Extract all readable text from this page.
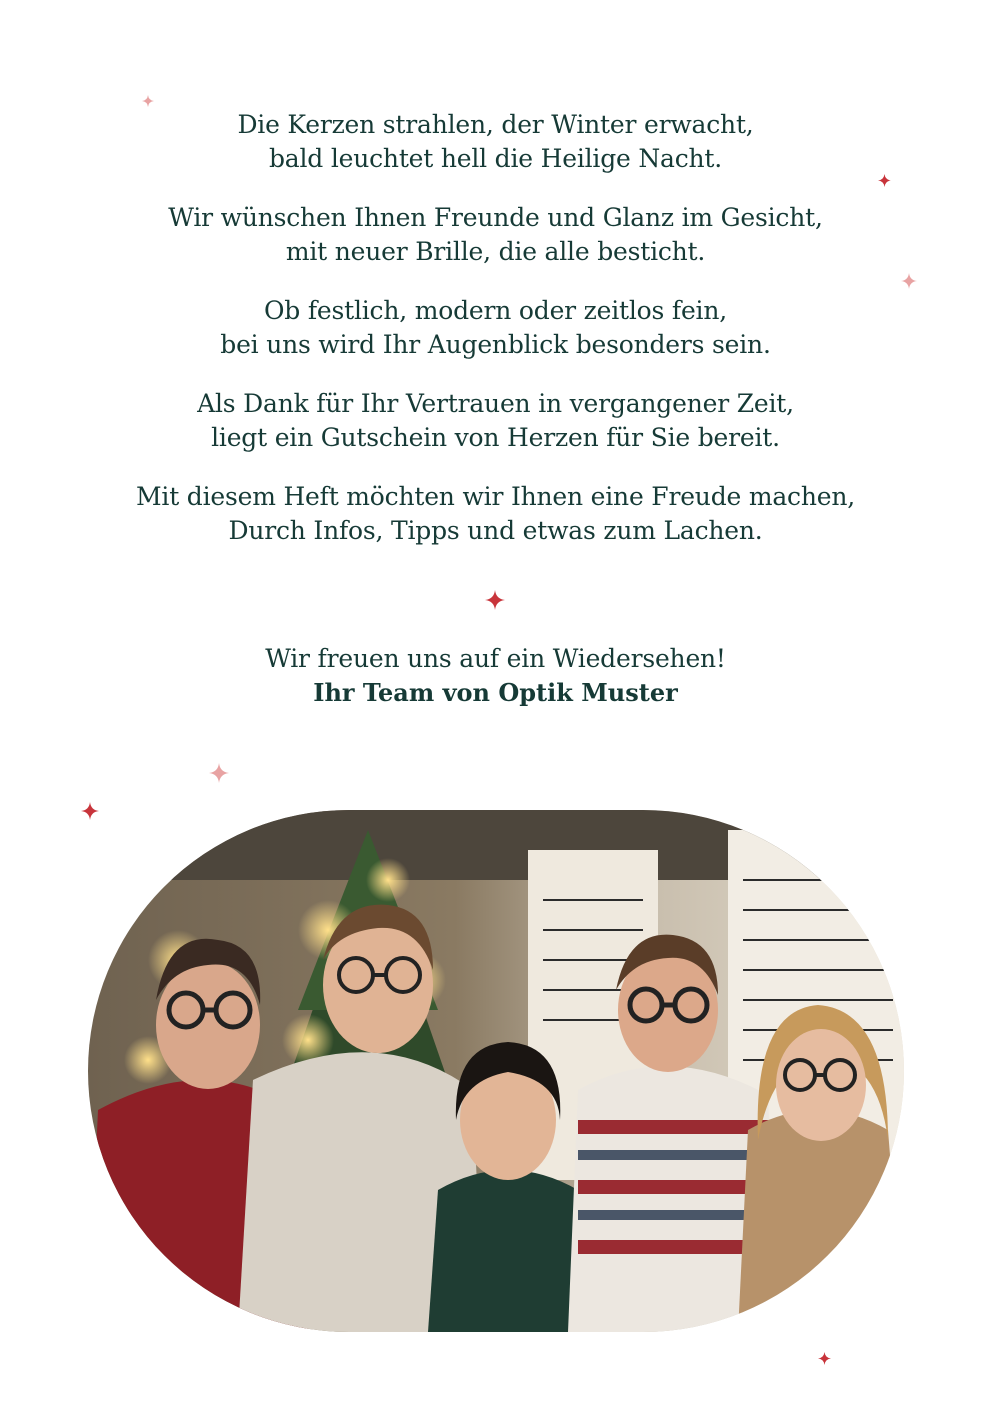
Die Kerzen strahlen, der Winter erwacht,
bald leuchtet hell die Heilige Nacht.
Wir wünschen Ihnen Freunde und Glanz im Gesicht,
mit neuer Brille, die alle besticht.
Ob festlich, modern oder zeitlos fein,
bei uns wird Ihr Augenblick besonders sein.
Als Dank für Ihr Vertrauen in vergangener Zeit,
liegt ein Gutschein von Herzen für Sie bereit.
Mit diesem Heft möchten wir Ihnen eine Freude machen,
Durch Infos, Tipps und etwas zum Lachen.
Wir freuen uns auf ein Wiedersehen!
Ihr Team von Optik Muster
